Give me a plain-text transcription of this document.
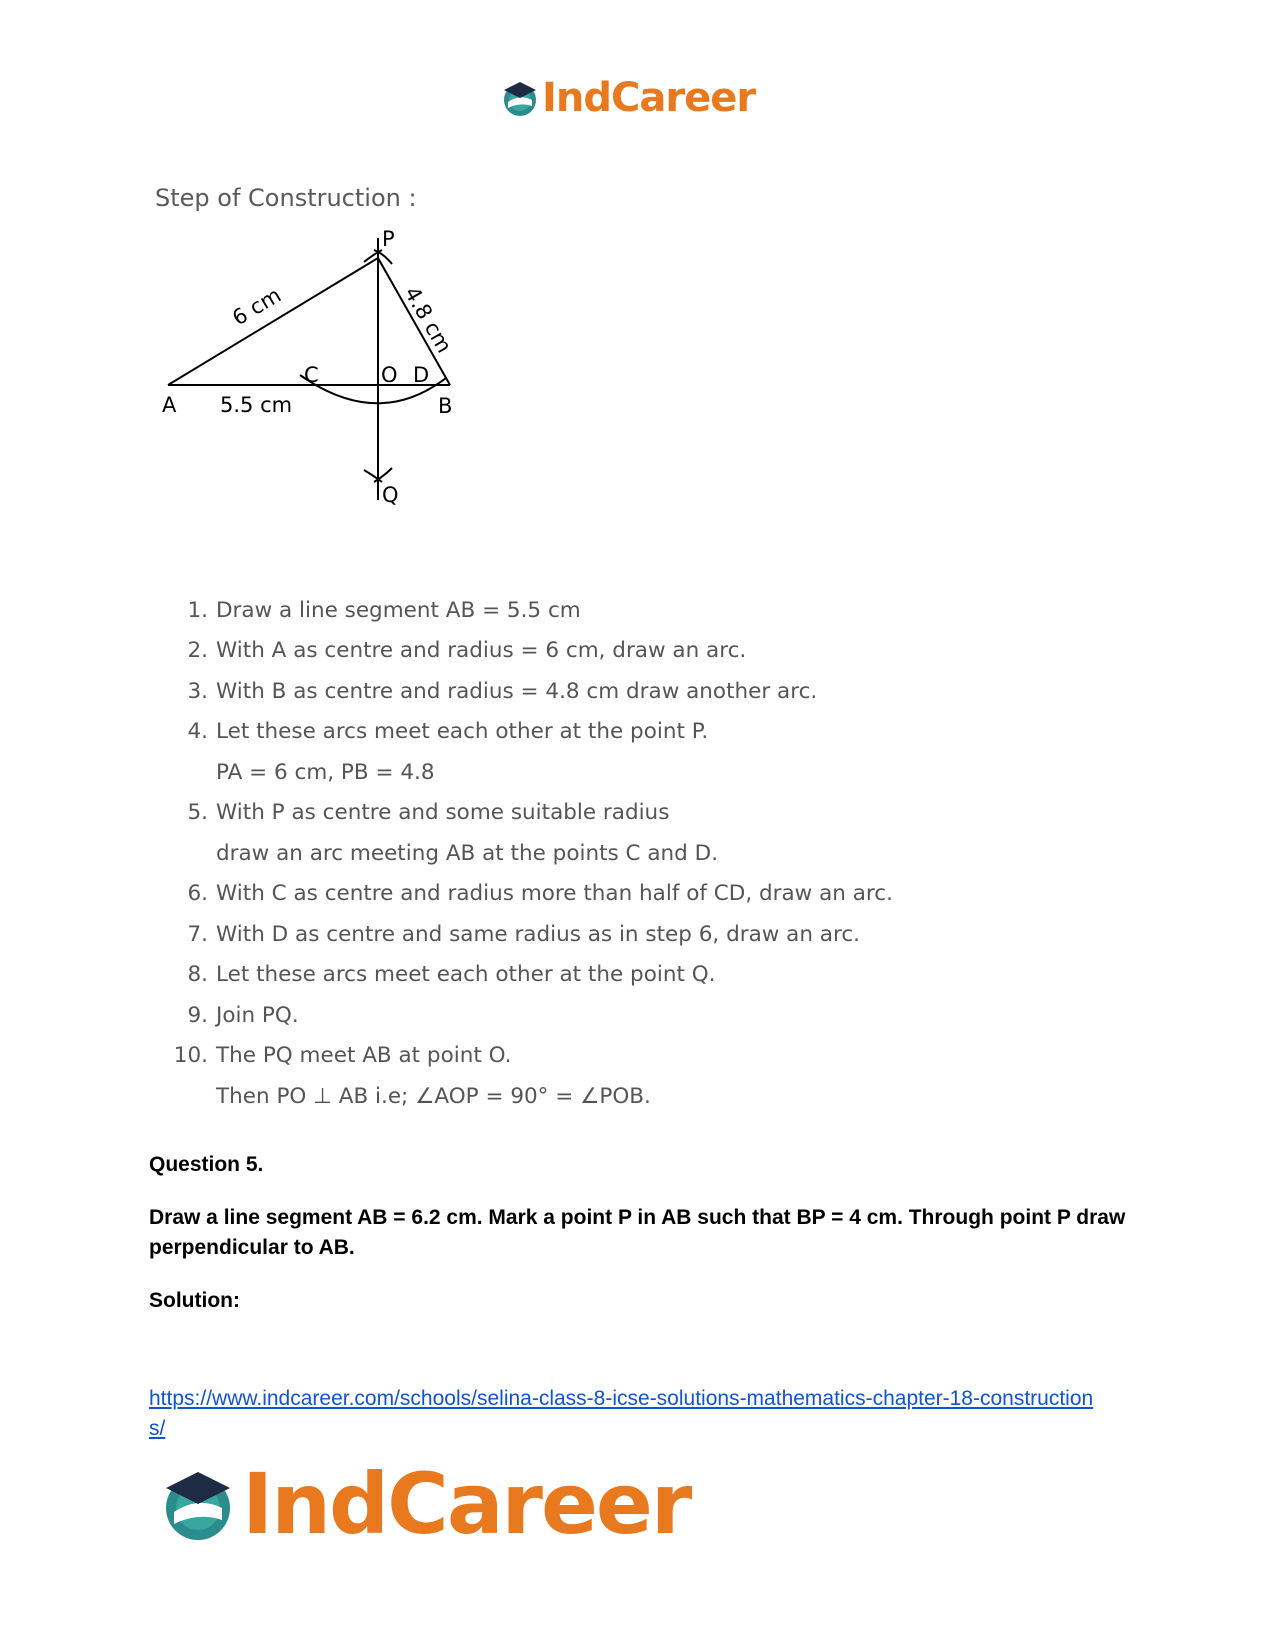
IndCareer
Step of Construction :
P
Q
A	B
C	O D
5.5 cm
6 cm	4.8 cm
1. Draw a line segment AB = 5.5 cm
2. With A as centre and radius = 6 cm, draw an arc.
3. With B as centre and radius = 4.8 cm draw another arc.
4. Let these arcs meet each other at the point P.
PA = 6 cm, PB = 4.8
5. With P as centre and some suitable radius
draw an arc meeting AB at the points C and D.
6. With C as centre and radius more than half of CD, draw an arc.
7. With D as centre and same radius as in step 6, draw an arc.
8. Let these arcs meet each other at the point Q.
9. Join PQ.
10. The PQ meet AB at point O.
Then PO ⊥ AB i.e; ∠AOP = 90° = ∠POB.
Question 5.
Draw a line segment AB = 6.2 cm. Mark a point P in AB such that BP = 4 cm. Through point P draw perpendicular to AB.
Solution:
https://www.indcareer.com/schools/selina-class-8-icse-solutions-mathematics-chapter-18-constructions/
IndCareer
